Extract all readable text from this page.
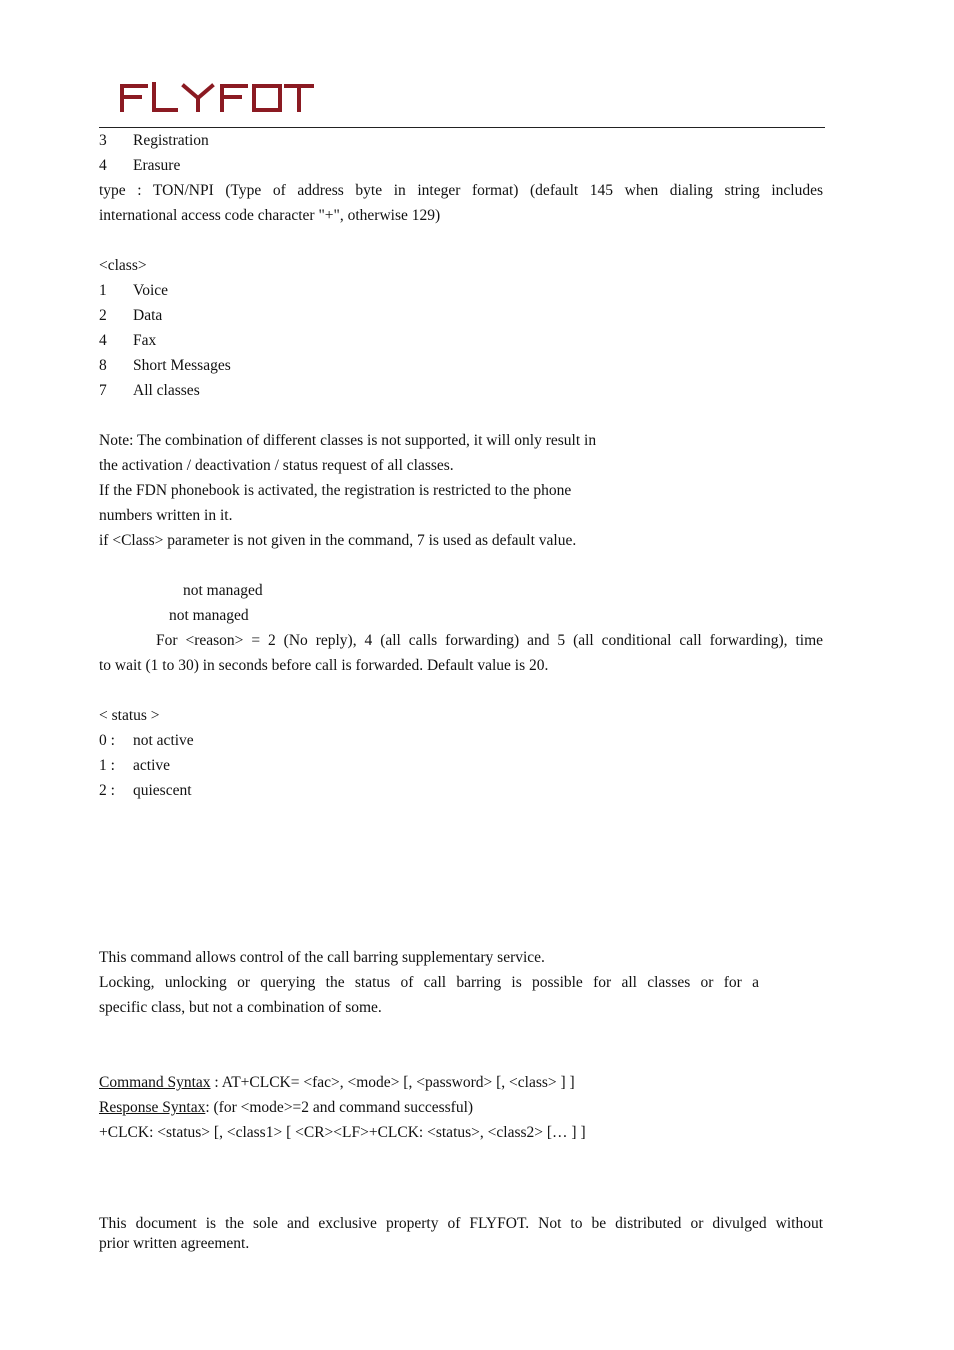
FLYFOT
3 Registration
4 Erasure
type : TON/NPI (Type of address byte in integer format) (default 145 when dialing string includes
international access code character "+", otherwise 129)
<class>
1 Voice
2 Data
4 Fax
8 Short Messages
7 All classes
Note: The combination of different classes is not supported, it will only result in
the activation / deactivation / status request of all classes.
If the FDN phonebook is activated, the registration is restricted to the phone
numbers written in it.
if <Class> parameter is not given in the command, 7 is used as default value.
not managed
not managed
For <reason> = 2 (No reply), 4 (all calls forwarding) and 5 (all conditional call forwarding), time
to wait (1 to 30) in seconds before call is forwarded. Default value is 20.
< status >
0 : not active
1 : active
2 : quiescent
This command allows control of the call barring supplementary service.
Locking, unlocking or querying the status of call barring is possible for all classes or for a
specific class, but not a combination of some.
Command Syntax : AT+CLCK= <fac>, <mode> [, <password> [, <class> ] ]
Response Syntax: (for <mode>=2 and command successful)
+CLCK: <status> [, <class1> [ <CR><LF>+CLCK: <status>, <class2> [… ] ]
This document is the sole and exclusive property of FLYFOT. Not to be distributed or divulged without
prior written agreement.
